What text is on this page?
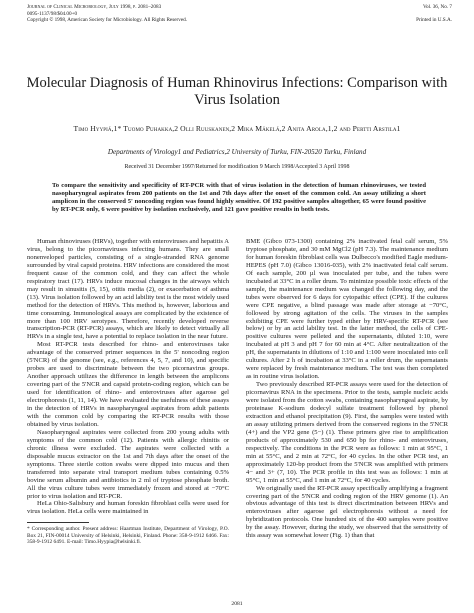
Journal of Clinical Microbiology, July 1998, p. 2081–2083
0095-1137/98/$04.00+0
Copyright © 1998, American Society for Microbiology. All Rights Reserved.
Vol. 36, No. 7
Printed in U.S.A.
Molecular Diagnosis of Human Rhinovirus Infections: Comparison with Virus Isolation
Timo Hyypiä,1* Tuomo Puhakka,2 Olli Ruuskanen,2 Mika Mäkelä,2 Anita Arola,1,2 and Pertti Arstila1
Departments of Virology1 and Pediatrics,2 University of Turku, FIN-20520 Turku, Finland
Received 31 December 1997/Returned for modification 9 March 1998/Accepted 3 April 1998

To compare the sensitivity and specificity of RT-PCR with that of virus isolation in the detection of human rhinoviruses, we tested nasopharyngeal aspirates from 200 patients on the 1st and 7th days after the onset of the common cold. An assay utilizing a short amplicon in the conserved 5' noncoding region was found highly sensitive. Of 192 positive samples altogether, 65 were found positive by RT-PCR only, 6 were positive by isolation exclusively, and 121 gave positive results in both tests.

Human rhinoviruses (HRVs), together with enteroviruses and hepatitis A virus, belong to the picornaviruses infecting humans. They are small nonenveloped particles, consisting of a single-stranded RNA genome surrounded by viral capsid proteins. HRV infections are considered the most frequent cause of the common cold, and they can affect the whole respiratory tract (17). HRVs induce mucosal changes in the airways which may result in sinusitis (5, 15), otitis media (2), or exacerbation of asthma (13). Virus isolation followed by an acid lability test is the most widely used method for the detection of HRVs. This method is, however, laborious and time consuming. Immunological assays are complicated by the existence of more than 100 HRV serotypes. Therefore, recently developed reverse transcription-PCR (RT-PCR) assays, which are likely to detect virtually all HRVs in a single test, have a potential to replace isolation in the near future.

Most RT-PCR tests described for rhino- and enteroviruses take advantage of the conserved primer sequences in the 5' noncoding region (5'NCR) of the genome (see, e.g., references 4, 5, 7, and 10), and specific probes are used to discriminate between the two picornavirus groups. Another approach utilizes the difference in length between the amplicons covering part of the 5'NCR and capsid protein-coding region, which can be used for identification of rhino- and enteroviruses after agarose gel electrophoresis (1, 11, 14). We have evaluated the usefulness of these assays in the detection of HRVs in nasopharyngeal aspirates from adult patients with the common cold by comparing the RT-PCR results with those obtained by virus isolation.

Nasopharyngeal aspirates were collected from 200 young adults with symptoms of the common cold (12). Patients with allergic rhinitis or chronic illness were excluded. The aspirates were collected with a disposable mucus extractor on the 1st and 7th days after the onset of the symptoms. Three sterile cotton swabs were dipped into mucus and then transferred into separate viral transport medium tubes containing 0.5% bovine serum albumin and antibiotics in 2 ml of tryptose phosphate broth. All the virus culture tubes were immediately frozen and stored at −70°C prior to virus isolation and RT-PCR.

HeLa Ohio-Salisbury and human foreskin fibroblast cells were used for virus isolation. HeLa cells were maintained in

* Corresponding author. Present address: Haartman Institute, Department of Virology, P.O. Box 21, FIN-00014 University of Helsinki, Helsinki, Finland. Phone: 358-9-1912 6466. Fax: 358-9-1912 6491. E-mail: Timo.Hyypia@helsinki.fi.

BME (Gibco 073-1300) containing 2% inactivated fetal calf serum, 5% tryptose phosphate, and 30 mM MgCl2 (pH 7.3). The maintenance medium for human foreskin fibroblast cells was Dulbecco's modified Eagle medium-HEPES (pH 7.0) (Gibco 13016-035), with 2% inactivated fetal calf serum. Of each sample, 200 µl was inoculated per tube, and the tubes were incubated at 33°C in a roller drum. To minimize possible toxic effects of the sample, the maintenance medium was changed the following day, and the tubes were observed for 6 days for cytopathic effect (CPE). If the cultures were CPE negative, a blind passage was made after storage at −70°C, followed by strong agitation of the cells. The viruses in the samples exhibiting CPE were further typed either by HRV-specific RT-PCR (see below) or by an acid lability test. In the latter method, the cells of CPE-positive cultures were pelleted and the supernatants, diluted 1:10, were incubated at pH 3 and pH 7 for 60 min at 4°C. After neutralization of the pH, the supernatants in dilutions of 1:10 and 1:100 were inoculated into cell cultures. After 2 h of incubation at 33°C in a roller drum, the supernatants were replaced by fresh maintenance medium. The test was then completed as in routine virus isolation.

Two previously described RT-PCR assays were used for the detection of picornavirus RNA in the specimens. Prior to the tests, sample nucleic acids were isolated from the cotton swabs, containing nasopharyngeal aspirate, by proteinase K-sodium dodecyl sulfate treatment followed by phenol extraction and ethanol precipitation (9). First, the samples were tested with an assay utilizing primers derived from the conserved regions in the 5'NCR (4+) and the VP2 gene (5−) (1). These primers give rise to amplification products of approximately 530 and 650 bp for rhino- and enteroviruses, respectively. The conditions in the PCR were as follows: 1 min at 95°C, 1 min at 55°C, and 2 min at 72°C, for 40 cycles. In the other PCR test, an approximately 120-bp product from the 5'NCR was amplified with primers 4− and 3+ (7, 10). The PCR profile in this test was as follows: 1 min at 95°C, 1 min at 55°C, and 1 min at 72°C, for 40 cycles.

We originally used the RT-PCR assay specifically amplifying a fragment covering part of the 5'NCR and coding region of the HRV genome (1). An obvious advantage of this test is direct discrimination between HRVs and enteroviruses after agarose gel electrophoresis without a need for hybridization protocols. One hundred six of the 400 samples were positive by the assay. However, during the study, we observed that the sensitivity of this assay was somewhat lower (Fig. 1) than that

2081
